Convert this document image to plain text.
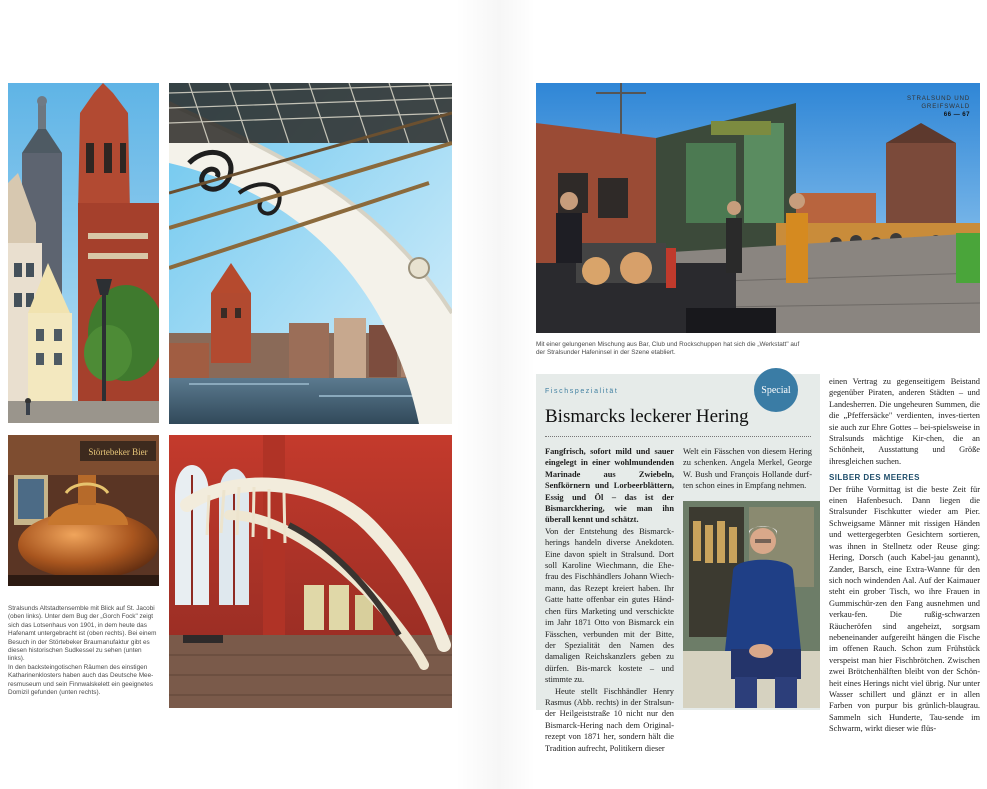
Störtebeker Bier

Stralsunds Altstadtensemble mit Blick auf St. Jacobi

(oben links). Unter dem Bug der „Gorch Fock" zeigt

sich das Lotsenhaus von 1901, in dem heute das

Hafenamt untergebracht ist (oben rechts). Bei einem

Besuch in der Störtebeker Braumanufaktur gibt es

diesen historischen Sudkessel zu sehen (unten links).

In den backsteingotischen Räumen des einstigen

Katharinenklosters haben auch das Deutsche Mee-

resmuseum und sein Finnwalskelett ein geeignetes

Domizil gefunden (unten rechts).

STRALSUND UND GREIFSWALD
66 — 67

Mit einer gelungenen Mischung aus Bar, Club und Rockschuppen hat sich die „Werkstatt" auf

der Stralsunder Hafeninsel in der Szene etabliert.

Fischspezialität	Special
Bismarcks leckerer Hering

Fangfrisch, sofort mild und sauer eingelegt in einer wohlmundenden Marinade aus Zwiebeln, Senfkörnern und Lorbeerblättern, Essig und Öl – das ist der Bismarckhering, wie man ihn überall kennt und schätzt.

Von der Entstehung des Bismarck-herings handeln diverse Anekdoten. Eine davon spielt in Stralsund. Dort soll Karoline Wiechmann, die Ehe-frau des Fischhändlers Johann Wiech-mann, das Rezept kreiert haben. Ihr Gatte hatte offenbar ein gutes Händ-chen fürs Marketing und verschickte im Jahr 1871 Otto von Bismarck ein Fässchen, verbunden mit der Bitte, der Spezialität den Namen des damaligen Reichskanzlers geben zu dürfen. Bis-marck kostete – und stimmte zu.

Heute stellt Fischhändler Henry Rasmus (Abb. rechts) in der Stralsun-der Heilgeiststraße 10 nicht nur den Bismarck-Hering nach dem Original-rezept von 1871 her, sondern hält die Tradition aufrecht, Politikern dieser

Welt ein Fässchen von diesem Hering zu schenken. Angela Merkel, George W. Bush und François Hollande durf-ten schon eines in Empfang nehmen.

einen Vertrag zu gegenseitigem Beistand gegenüber Piraten, anderen Städten – und Landesherren. Die ungeheuren Summen, die die „Pfeffersäcke" verdienten, inves-tierten sie auch zur Ehre Gottes – bei-spielsweise in Stralsunds mächtige Kir-chen, die an Schönheit, Ausstattung und Größe ihresgleichen suchen.

SILBER DES MEERES

Der frühe Vormittag ist die beste Zeit für einen Hafenbesuch. Dann liegen die Stralsunder Fischkutter wieder am Pier. Schweigsame Männer mit rissigen Händen und wettergegerbten Gesichtern sortieren, was ihnen in Stellnetz oder Reuse ging: Hering, Dorsch (auch Kabel-jau genannt), Zander, Barsch, eine Extra-Wanne für den sich noch windenden Aal. Auf der Kaimauer steht ein grober Tisch, wo ihre Frauen in Gummischür-zen den Fang ausnehmen und verkau-fen. Die rußig-schwarzen Räucheröfen sind angeheizt, sorgsam nebeneinander aufgereiht hängen die Fische im offenen Rauch. Schon zum Frühstück verspeist man hier Fischbrötchen. Zwischen zwei Brötchenhälften bleibt von der Schön-heit eines Herings nicht viel übrig. Nur unter Wasser schillert und glänzt er in allen Farben von purpur bis grünlich-blaugrau. Sammeln sich Hunderte, Tau-sende im Schwarm, wirkt dieser wie flüs-
